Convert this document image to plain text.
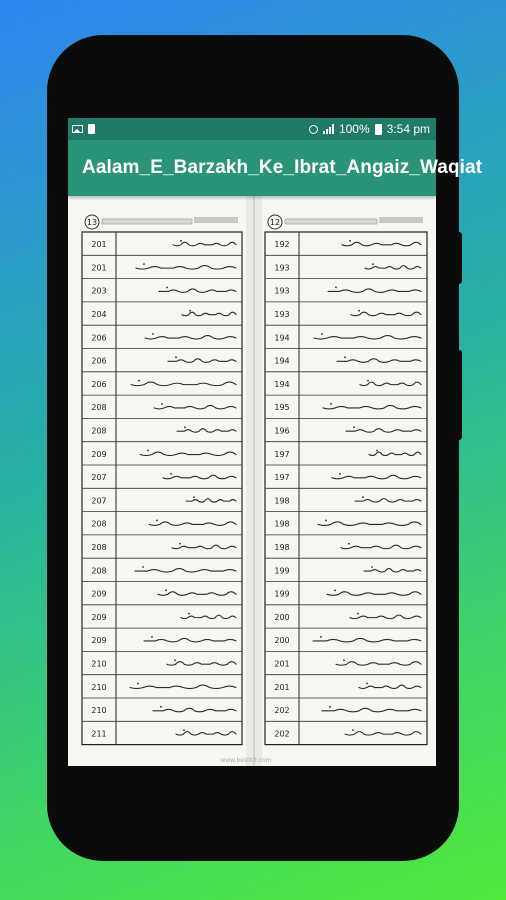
100% 3:54 pm
Aalam_E_Barzakh_Ke_Ibrat_Angaiz_Waqiat
13
201
201
203
204
206
206
206
208
208
209
207
207
208
208
208
209
209
209
210
210
210
211
12
192
193
193
193
194
194
194
195
196
197
197
198
198
198
199
199
200
200
201
201
202
202
www.bestkit.com
